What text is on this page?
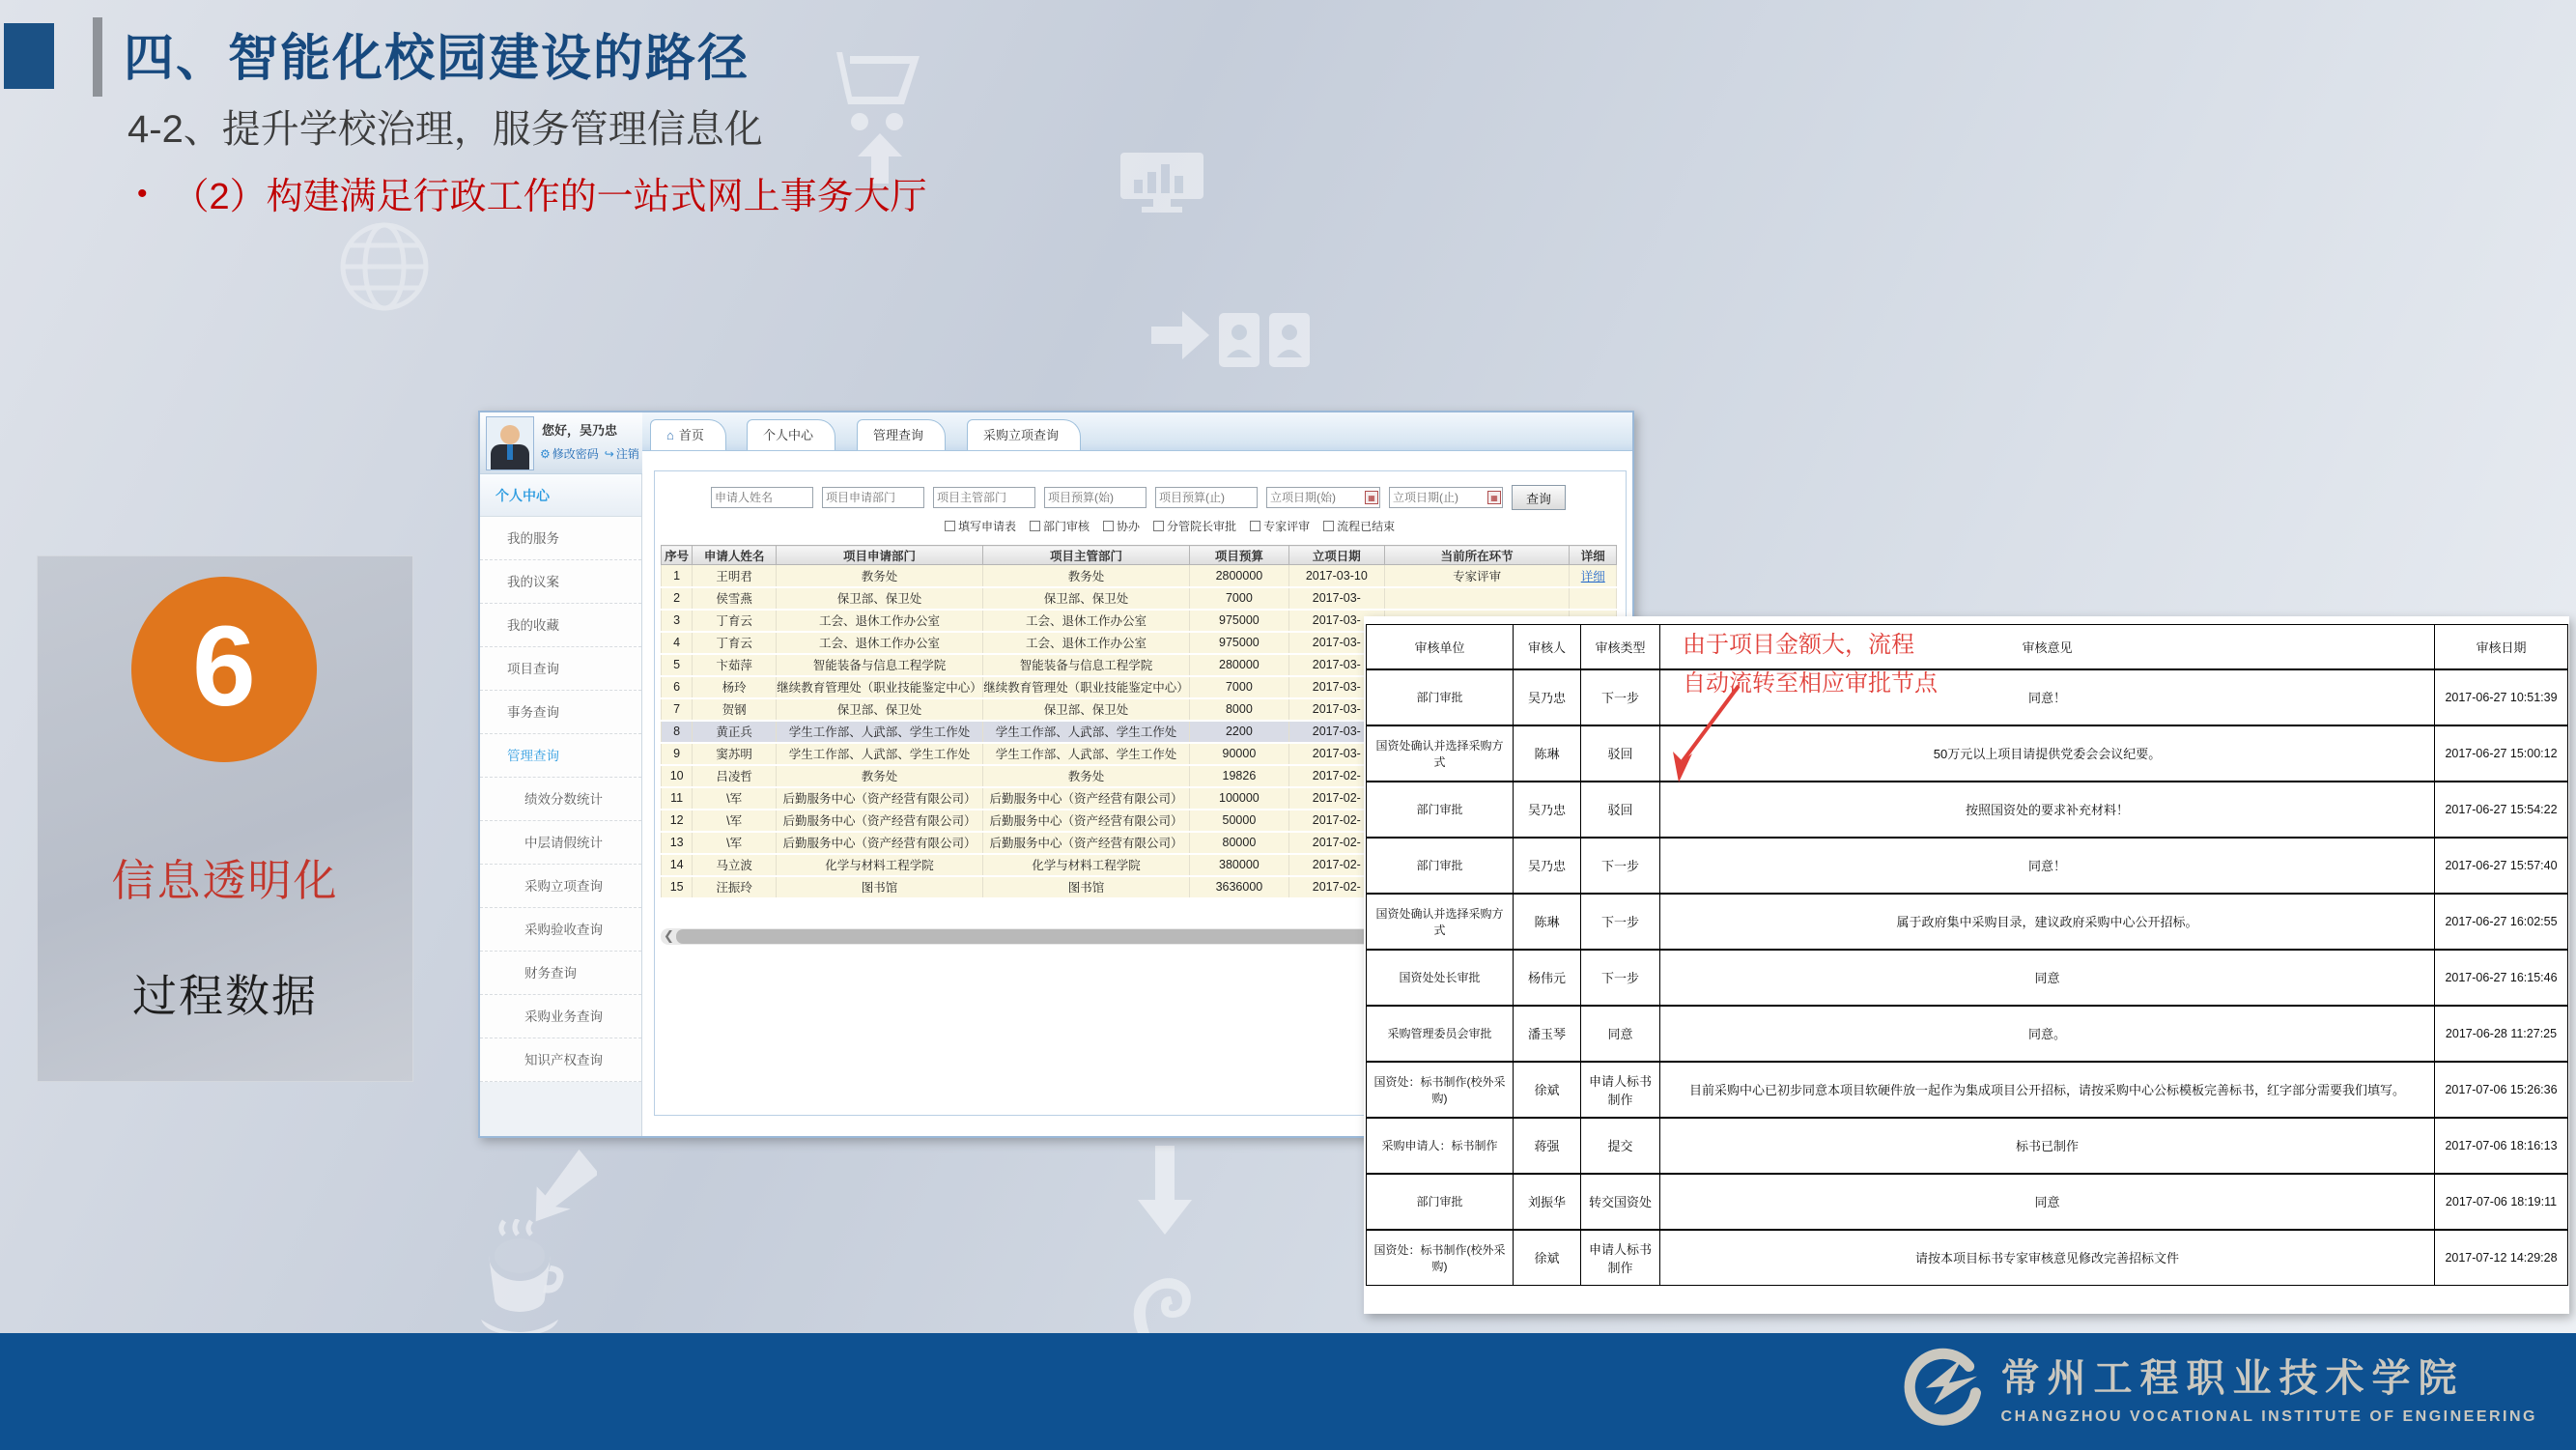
四、智能化校园建设的路径
4-2、提升学校治理，服务管理信息化
• （2）构建满足行政工作的一站式网上事务大厅
6
信息透明化
过程数据
您好，吴乃忠
⚙ 修改密码 ↪ 注销
⌂ 首页	个人中心	管理查询	采购立项查询
个人中心
我的服务
我的议案
我的收藏
项目查询
事务查询
管理查询
绩效分数统计
中层请假统计
采购立项查询
采购验收查询
财务查询
采购业务查询
知识产权查询
申请人姓名
项目申请部门
项目主管部门
项目预算(始)
项目预算(止)
立项日期(始)
▦
立项日期(止)	▦	查询
填写申请表 部门审核 协办 分管院长审批 专家评审 流程已结束
序号	申请人姓名	项目申请部门	项目主管部门	项目预算	立项日期	当前所在环节	详细
1	王明君	教务处	教务处	2800000	2017-03-10	专家评审	详细
2	侯雪燕	保卫部、保卫处	保卫部、保卫处	7000	2017-03-		
3	丁育云	工会、退休工作办公室	工会、退休工作办公室	975000	2017-03-		
4	丁育云	工会、退休工作办公室	工会、退休工作办公室	975000	2017-03-		
5	卞茹萍	智能装备与信息工程学院	智能装备与信息工程学院	280000	2017-03-		
6	杨玲	继续教育管理处（职业技能鉴定中心）	继续教育管理处（职业技能鉴定中心）	7000	2017-03-		
7	贺钢	保卫部、保卫处	保卫部、保卫处	8000	2017-03-		
8	黄正兵	学生工作部、人武部、学生工作处	学生工作部、人武部、学生工作处	2200	2017-03-		
9	窦苏明	学生工作部、人武部、学生工作处	学生工作部、人武部、学生工作处	90000	2017-03-		
10	吕凌哲	教务处	教务处	19826	2017-02-		
11	\军	后勤服务中心（资产经营有限公司）	后勤服务中心（资产经营有限公司）	100000	2017-02-		
12	\军	后勤服务中心（资产经营有限公司）	后勤服务中心（资产经营有限公司）	50000	2017-02-		
13	\军	后勤服务中心（资产经营有限公司）	后勤服务中心（资产经营有限公司）	80000	2017-02-		
14	马立波	化学与材料工程学院	化学与材料工程学院	380000	2017-02-		
15	汪振玲	图书馆	图书馆	3636000	2017-02-		
❮
审核单位	审核人	审核类型	审核意见	审核日期
部门审批	吴乃忠	下一步	同意！	2017-06-27 10:51:39
国资处确认并选择采购方式	陈琳	驳回	50万元以上项目请提供党委会会议纪要。	2017-06-27 15:00:12
部门审批	吴乃忠	驳回	按照国资处的要求补充材料！	2017-06-27 15:54:22
部门审批	吴乃忠	下一步	同意！	2017-06-27 15:57:40
国资处确认并选择采购方式	陈琳	下一步	属于政府集中采购目录，建议政府采购中心公开招标。	2017-06-27 16:02:55
国资处处长审批	杨伟元	下一步	同意	2017-06-27 16:15:46
采购管理委员会审批	潘玉琴	同意	同意。	2017-06-28 11:27:25
国资处：标书制作(校外采购)	徐斌	申请人标书制作	目前采购中心已初步同意本项目软硬件放一起作为集成项目公开招标，请按采购中心公标模板完善标书，红字部分需要我们填写。	2017-07-06 15:26:36
采购申请人：标书制作	蒋强	提交	标书已制作	2017-07-06 18:16:13
部门审批	刘振华	转交国资处	同意	2017-07-06 18:19:11
国资处：标书制作(校外采购)	徐斌	申请人标书制作	请按本项目标书专家审核意见修改完善招标文件	2017-07-12 14:29:28
由于项目金额大，流程
自动流转至相应审批节点
常州工程职业技术学院
CHANGZHOU VOCATIONAL INSTITUTE OF ENGINEERING
